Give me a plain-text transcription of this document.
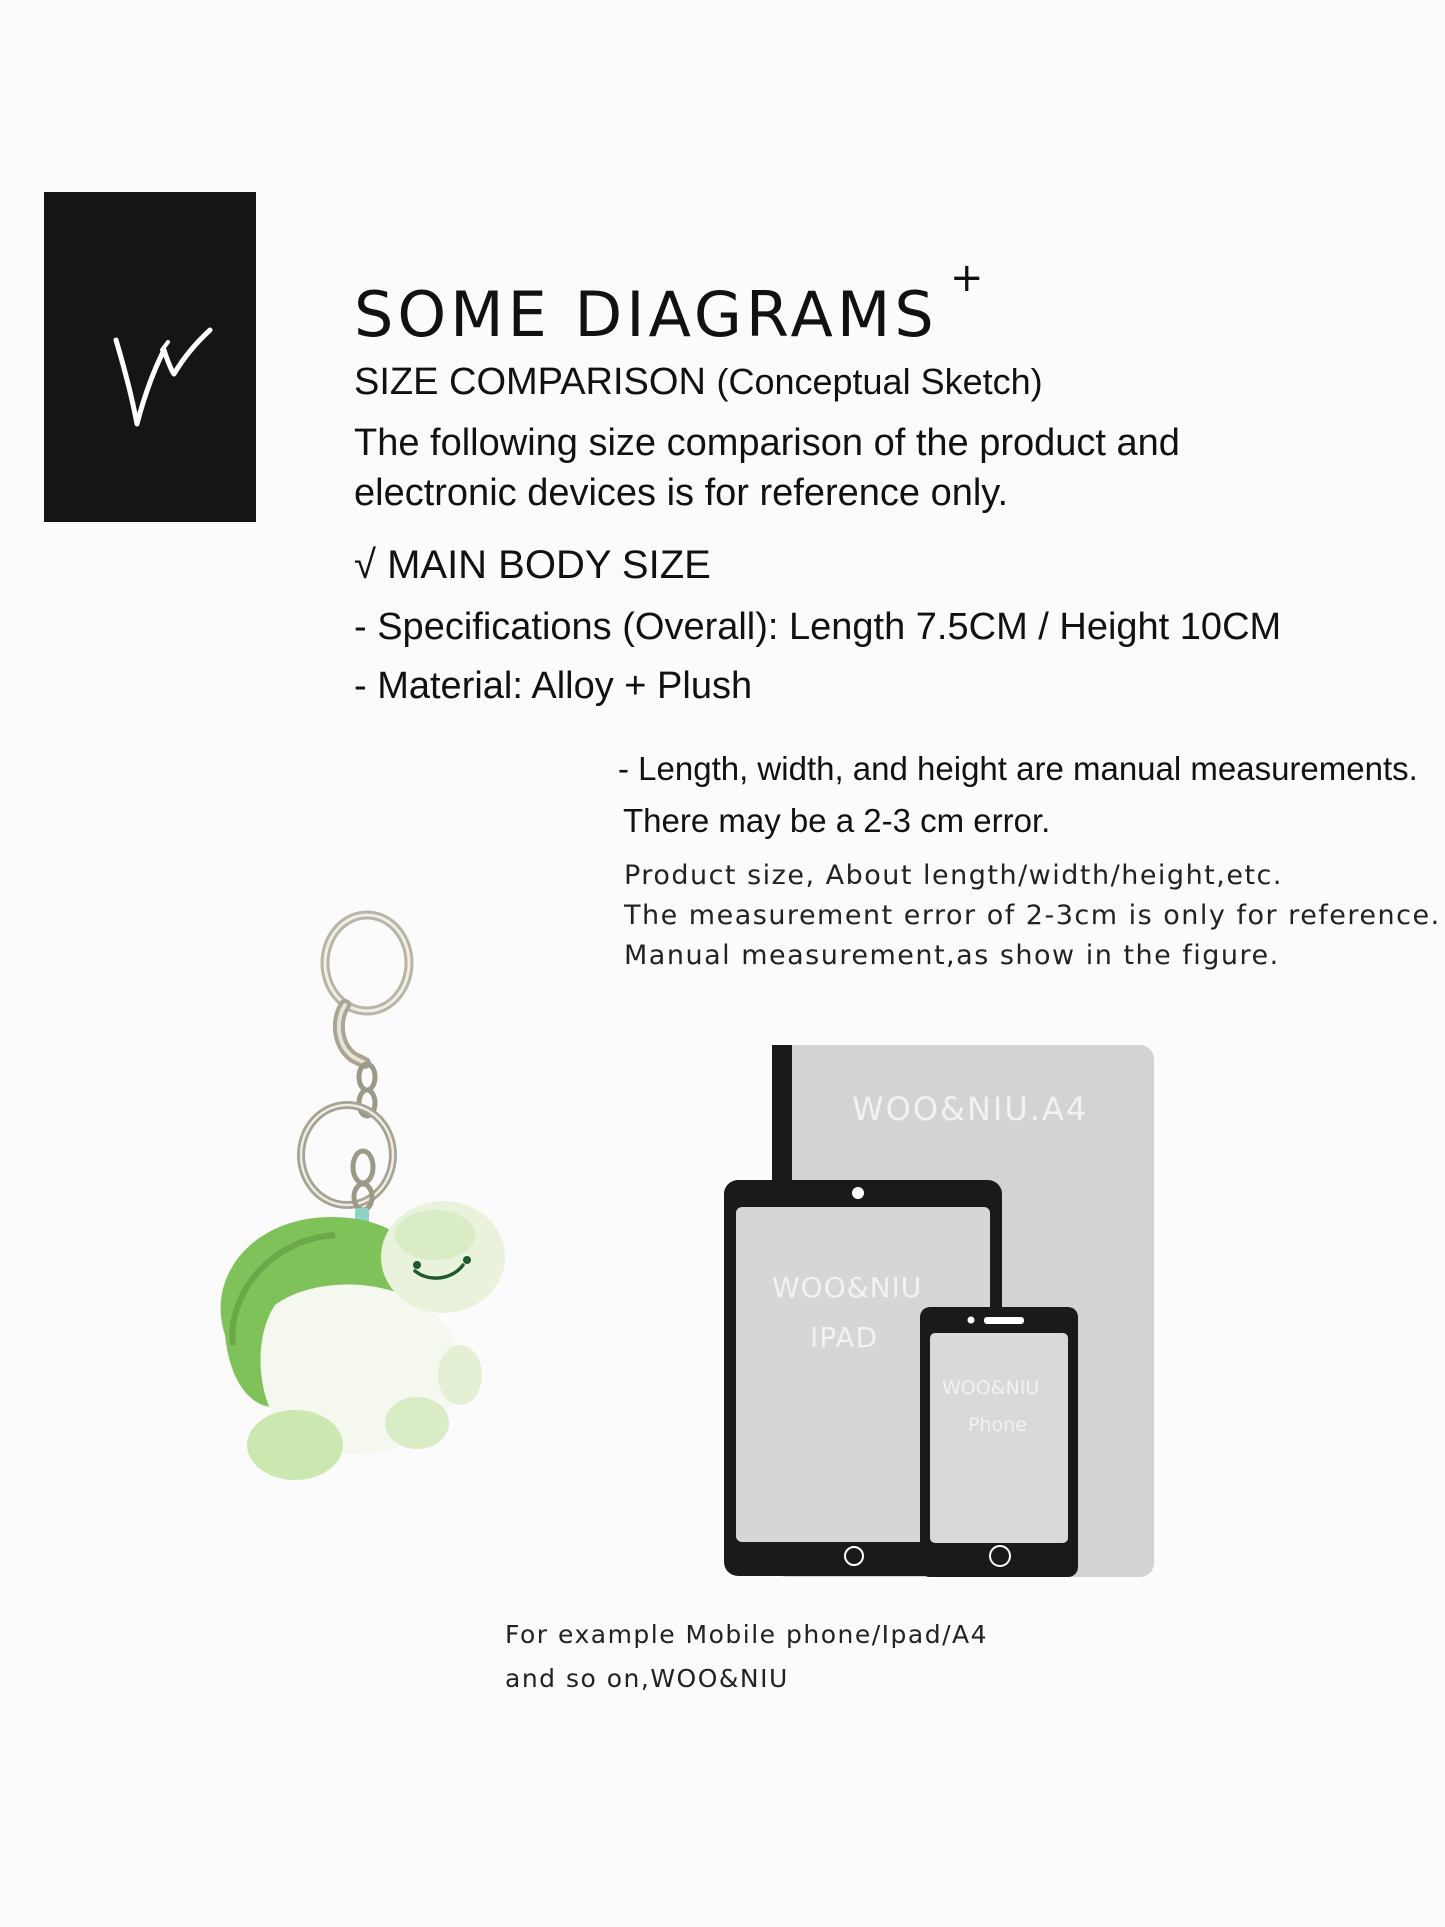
SOME DIAGRAMS +
SIZE COMPARISON (Conceptual Sketch)
The following size comparison of the product and
electronic devices is for reference only.
√ MAIN BODY SIZE
- Specifications (Overall): Length 7.5CM / Height 10CM
- Material: Alloy + Plush
- Length, width, and height are manual measurements.
There may be a 2-3 cm error.
Product size, About length/width/height,etc.
The measurement error of 2-3cm is only for reference.
Manual measurement,as show in the figure.
WOO&NIU.A4
WOO&NIU
IPAD
WOO&NIU
Phone
For example Mobile phone/Ipad/A4
and so on,WOO&NIU
